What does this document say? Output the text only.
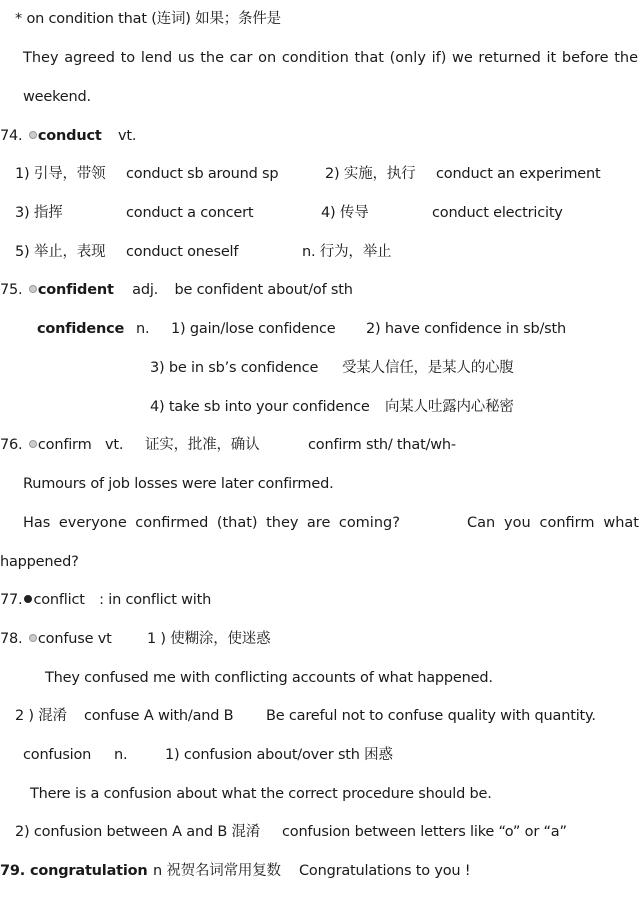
* on condition that (连词) 如果；条件是
They agreed to lend us the car on condition that (only if) we returned it before the
weekend.
74. conduct vt.
1) 引导，带领 conduct sb around sp	2) 实施，执行 conduct an experiment
3) 指挥	conduct a concert	4) 传导	conduct electricity
5) 举止，表现 conduct oneself	n. 行为，举止
75. confident adj. be confident about/of sth
confidence n. 1) gain/lose confidence 2) have confidence in sb/sth
3) be in sb’s confidence 受某人信任，是某人的心腹
4) take sb into your confidence 向某人吐露内心秘密
76. confirm vt. 证实，批准，确认	confirm sth/ that/wh-
Rumours of job losses were later confirmed.
Has everyone confirmed (that) they are coming?	Can you confirm what
happened?
77. conflict : in conflict with
78. confuse vt 1 ) 使糊涂，使迷惑
They confused me with conflicting accounts of what happened.
2 ) 混淆 confuse A with/and B Be careful not to confuse quality with quantity.
confusion n.	1) confusion about/over sth 困惑
There is a confusion about what the correct procedure should be.
2) confusion between A and B 混淆 confusion between letters like “o” or “a”
79. congratulation n 祝贺名词常用复数 Congratulations to you !
